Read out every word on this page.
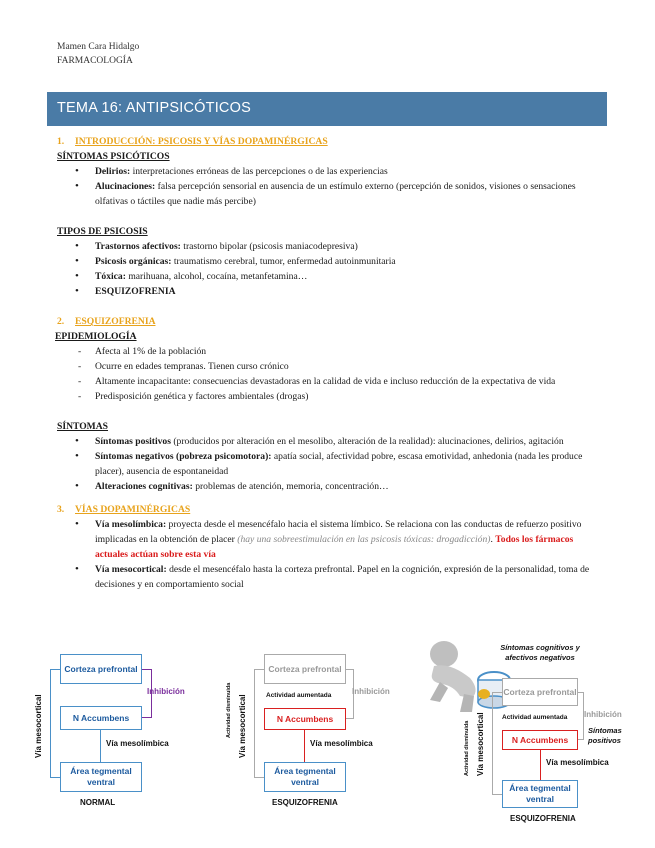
Mamen Cara Hidalgo
FARMACOLOGÍA
TEMA 16: ANTIPSICÓTICOS

1. INTRODUCCIÓN: PSICOSIS Y VÍAS DOPAMINÉRGICAS

SÍNTOMAS PSICÓTICOS

• Delirios: interpretaciones erróneas de las percepciones o de las experiencias
• Alucinaciones: falsa percepción sensorial en ausencia de un estímulo externo (percepción de sonidos, visiones o sensaciones olfativas o táctiles que nadie más percibe)

TIPOS DE PSICOSIS

• Trastornos afectivos: trastorno bipolar (psicosis maniacodepresiva)
• Psicosis orgánicas: traumatismo cerebral, tumor, enfermedad autoinmunitaria
• Tóxica: marihuana, alcohol, cocaína, metanfetamina…
• ESQUIZOFRENIA

2. ESQUIZOFRENIA

EPIDEMIOLOGÍA

- Afecta al 1% de la población
- Ocurre en edades tempranas. Tienen curso crónico
- Altamente incapacitante: consecuencias devastadoras en la calidad de vida e incluso reducción de la expectativa de vida
- Predisposición genética y factores ambientales (drogas)

SÍNTOMAS

• Síntomas positivos (producidos por alteración en el mesolibo, alteración de la realidad): alucinaciones, delirios, agitación
• Síntomas negativos (pobreza psicomotora): apatía social, afectividad pobre, escasa emotividad, anhedonia (nada les produce placer), ausencia de espontaneidad
• Alteraciones cognitivas: problemas de atención, memoria, concentración…

3. VÍAS DOPAMINÉRGICAS

• Vía mesolímbica: proyecta desde el mesencéfalo hacia el sistema límbico. Se relaciona con las conductas de refuerzo positivo implicadas en la obtención de placer (hay una sobreestimulación en las psicosis tóxicas: drogadicción). Todos los fármacos actuales actúan sobre esta vía
• Vía mesocortical: desde el mesencéfalo hasta la corteza prefrontal. Papel en la cognición, expresión de la personalidad, toma de decisiones y en comportamiento social
Corteza prefrontal
N Accumbens
Área tegmental ventral
Inhibición
Vía mesolímbica
Vía mesocortical
NORMAL
Corteza prefrontal
N Accumbens
Área tegmental ventral
Actividad aumentada	Inhibición
Vía mesolímbica
Actividad disminuida Vía mesocortical
ESQUIZOFRENIA
Síntomas cognitivos y afectivos negativos
Corteza prefrontal
N Accumbens
Área tegmental ventral
Actividad aumentada Inhibición
Síntomas positivos
Vía mesolímbica
Actividad disminuida Vía mesocortical
ESQUIZOFRENIA
